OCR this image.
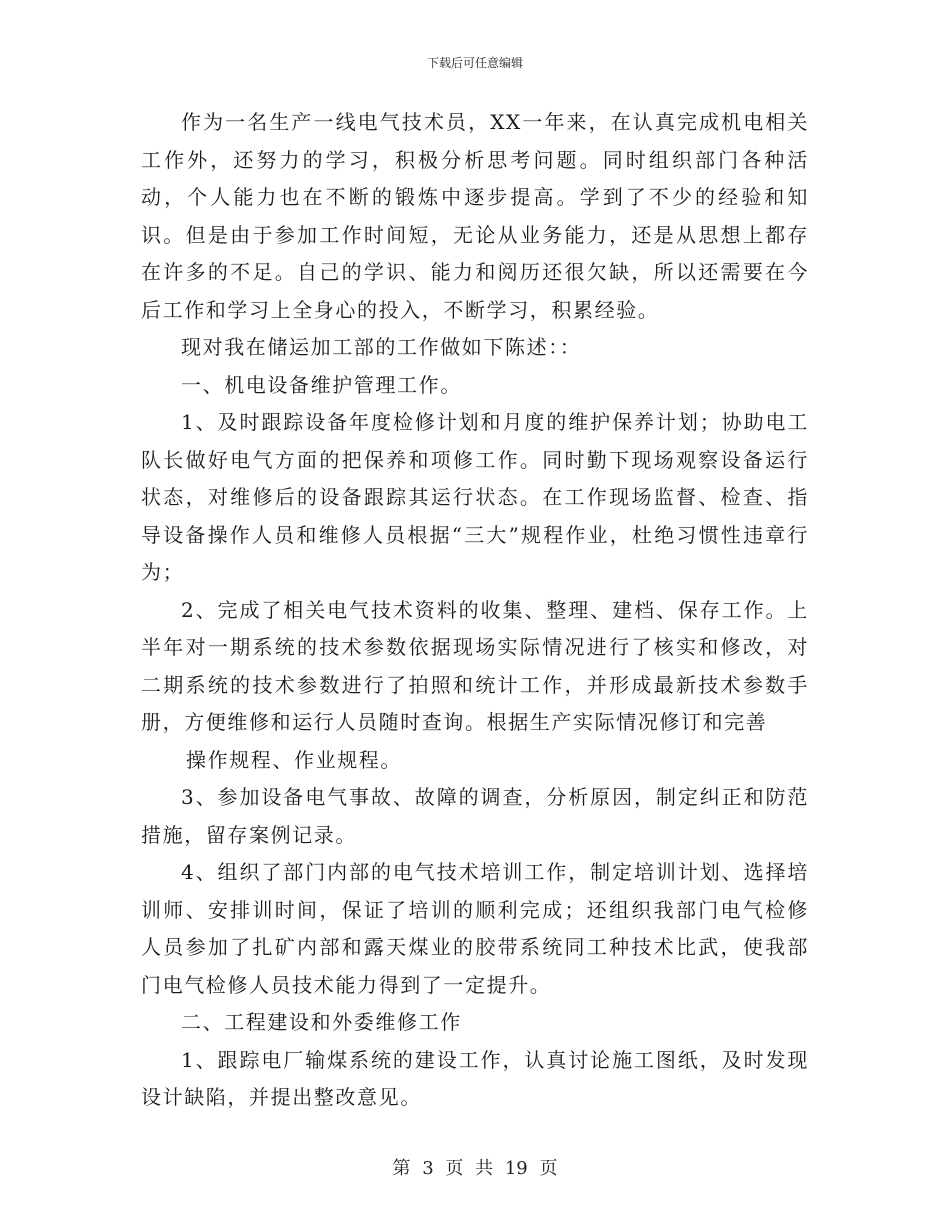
下载后可任意编辑

作为一名生产一线电气技术员，XX一年来，在认真完成机电相关工作外，还努力的学习，积极分析思考问题。同时组织部门各种活动，个人能力也在不断的锻炼中逐步提高。学到了不少的经验和知识。但是由于参加工作时间短，无论从业务能力，还是从思想上都存在许多的不足。自己的学识、能力和阅历还很欠缺，所以还需要在今后工作和学习上全身心的投入，不断学习，积累经验。

现对我在储运加工部的工作做如下陈述：：

一、机电设备维护管理工作。

1、及时跟踪设备年度检修计划和月度的维护保养计划；协助电工队长做好电气方面的把保养和项修工作。同时勤下现场观察设备运行状态，对维修后的设备跟踪其运行状态。在工作现场监督、检查、指导设备操作人员和维修人员根据“三大”规程作业，杜绝习惯性违章行为；

2、完成了相关电气技术资料的收集、整理、建档、保存工作。上半年对一期系统的技术参数依据现场实际情况进行了核实和修改，对二期系统的技术参数进行了拍照和统计工作，并形成最新技术参数手册，方便维修和运行人员随时查询。根据生产实际情况修订和完善

操作规程、作业规程。

3、参加设备电气事故、故障的调查，分析原因，制定纠正和防范措施，留存案例记录。

4、组织了部门内部的电气技术培训工作，制定培训计划、选择培训师、安排训时间，保证了培训的顺利完成；还组织我部门电气检修人员参加了扎矿内部和露天煤业的胶带系统同工种技术比武，使我部门电气检修人员技术能力得到了一定提升。

二、工程建设和外委维修工作

1、跟踪电厂输煤系统的建设工作，认真讨论施工图纸，及时发现设计缺陷，并提出整改意见。

第 3 页 共 19 页
